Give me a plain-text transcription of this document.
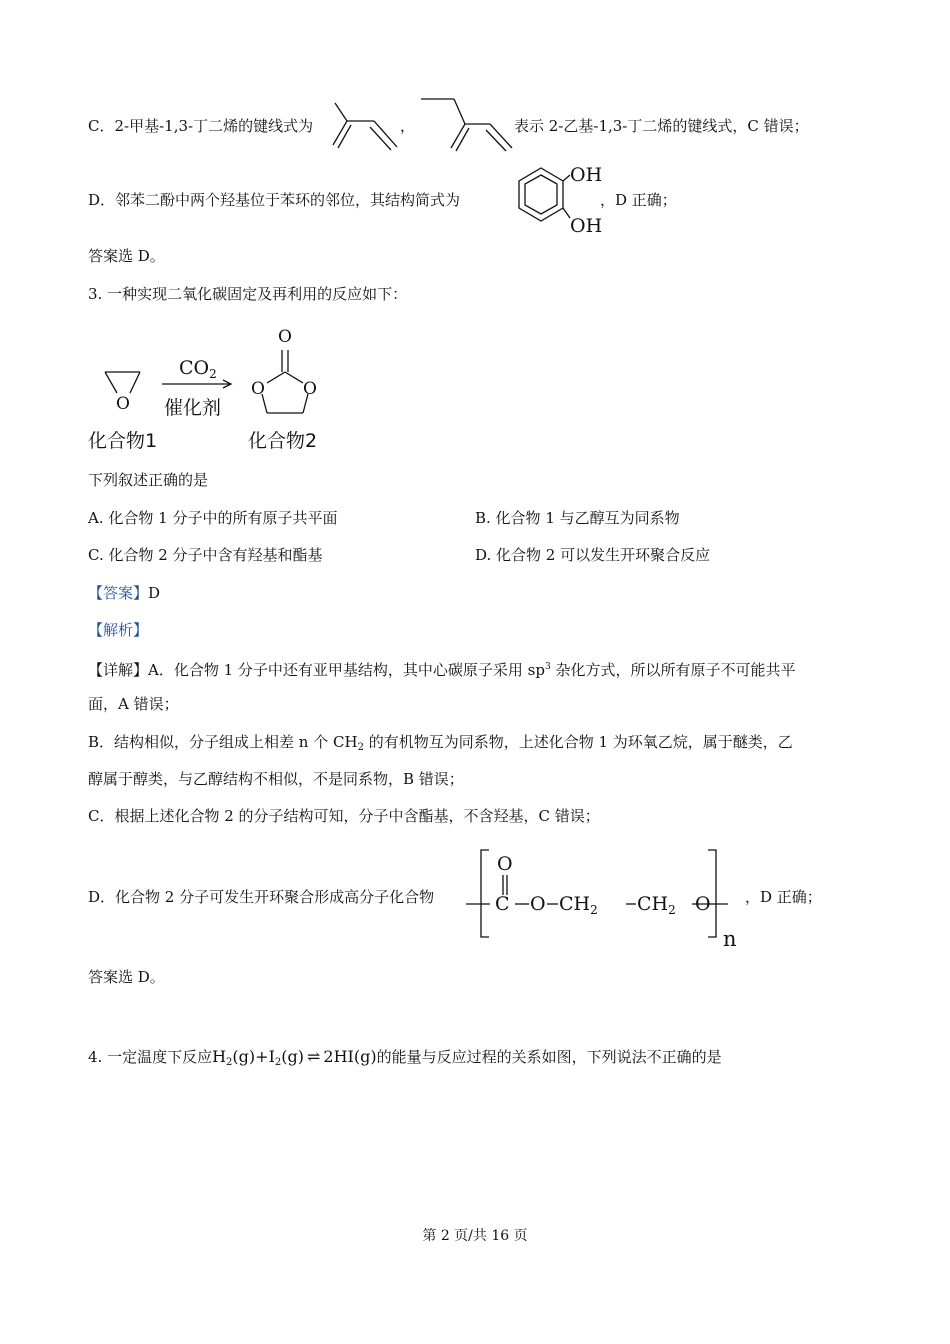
C．2-甲基-1,3-丁二烯的键线式为	，	表示 2-乙基-1,3-丁二烯的键线式，C 错误；
D．邻苯二酚中两个羟基位于苯环的邻位，其结构简式为
OH
OH
，D 正确；
答案选 D。
3. 一种实现二氧化碳固定及再利用的反应如下：
O
$CO_2$
O
O O
催化剂
化合物1	化合物2
下列叙述正确的是
A. 化合物 1 分子中的所有原子共平面	B. 化合物 1 与乙醇互为同系物
C. 化合物 2 分子中含有羟基和酯基	D. 化合物 2 可以发生开环聚合反应
【答案】D
【解析】
【详解】A．化合物 1 分子中还有亚甲基结构，其中心碳原子采用 $sp^3$ 杂化方式，所以所有原子不可能共平
面，A 错误；
B．结构相似，分子组成上相差 n 个 $CH_2$ 的有机物互为同系物，上述化合物 1 为环氧乙烷，属于醚类，乙
醇属于醇类，与乙醇结构不相似，不是同系物，B 错误；
C．根据上述化合物 2 的分子结构可知，分子中含酯基，不含羟基，C 错误；
D．化合物 2 分子可发生开环聚合形成高分子化合物
O
C O $CH_2$ $CH_2$ O
n
，D 正确；
答案选 D。
4. 一定温度下反应$H_2(g)+I_2(g)$ ⇌ 2HI(g)的能量与反应过程的关系如图，下列说法不正确的是
第 2 页/共 16 页
